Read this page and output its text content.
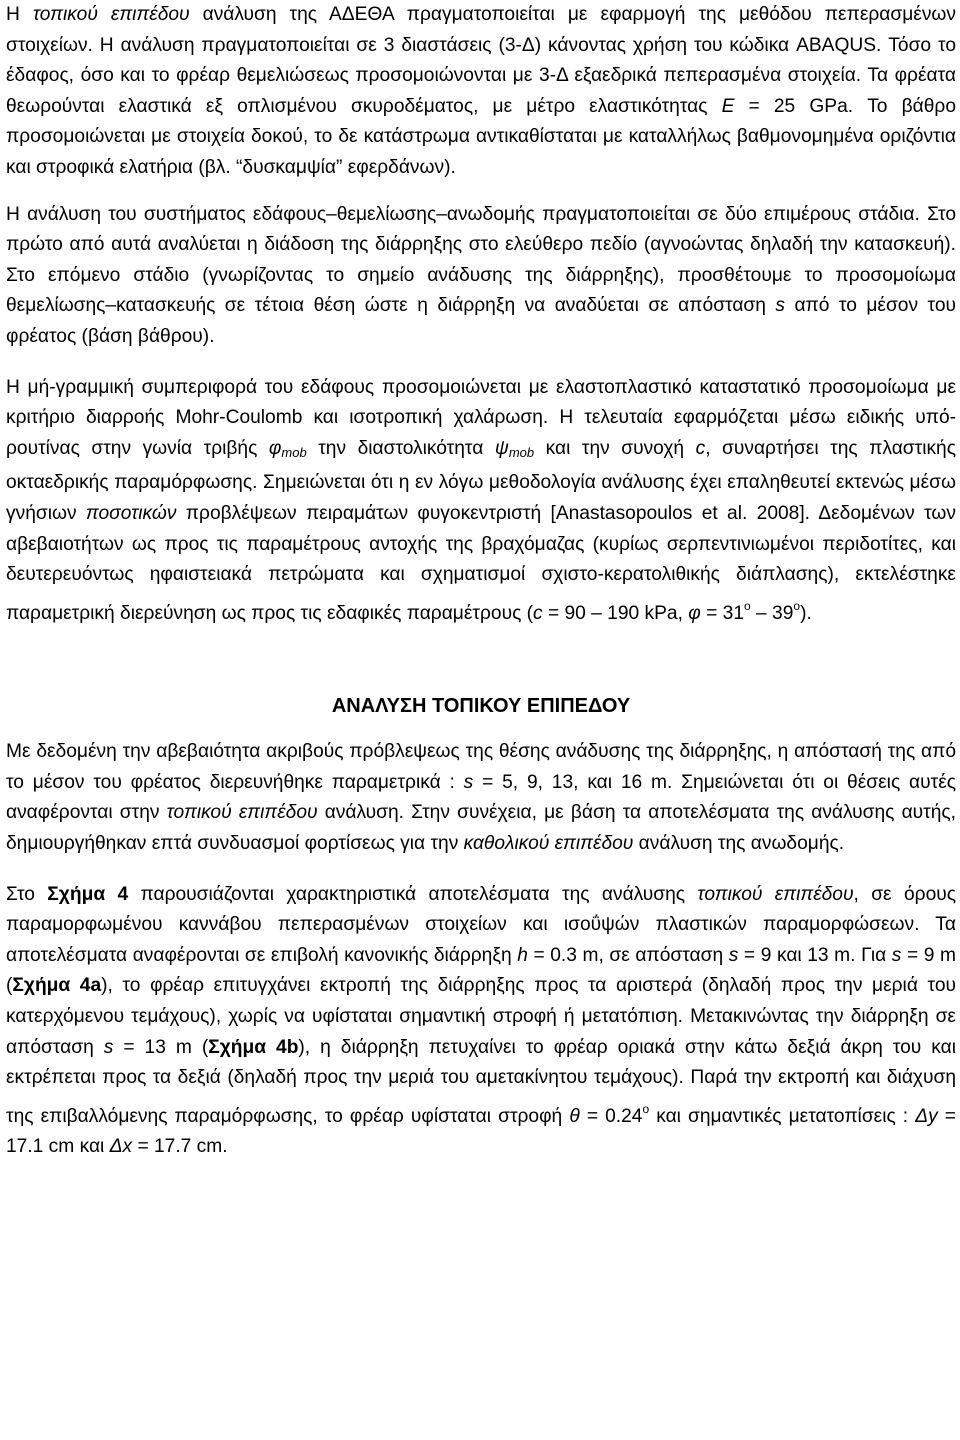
Η τοπικού επιπέδου ανάλυση της ΑΔΕΘΑ πραγματοποιείται με εφαρμογή της μεθόδου πεπερασμένων στοιχείων. Η ανάλυση πραγματοποιείται σε 3 διαστάσεις (3-Δ) κάνοντας χρήση του κώδικα ABAQUS. Τόσο το έδαφος, όσο και το φρέαρ θεμελιώσεως προσομοιώνονται με 3-Δ εξαεδρικά πεπερασμένα στοιχεία. Τα φρέατα θεωρούνται ελαστικά εξ οπλισμένου σκυροδέματος, με μέτρο ελαστικότητας E = 25 GPa. Το βάθρο προσομοιώνεται με στοιχεία δοκού, το δε κατάστρωμα αντικαθίσταται με καταλλήλως βαθμονομημένα οριζόντια και στροφικά ελατήρια (βλ. “δυσκαμψία” εφερδάνων).

Η ανάλυση του συστήματος εδάφους–θεμελίωσης–ανωδομής πραγματοποιείται σε δύο επιμέρους στάδια. Στο πρώτο από αυτά αναλύεται η διάδοση της διάρρηξης στο ελεύθερο πεδίο (αγνοώντας δηλαδή την κατασκευή). Στο επόμενο στάδιο (γνωρίζοντας το σημείο ανάδυσης της διάρρηξης), προσθέτουμε το προσομοίωμα θεμελίωσης–κατασκευής σε τέτοια θέση ώστε η διάρρηξη να αναδύεται σε απόσταση s από το μέσον του φρέατος (βάση βάθρου).

Η μή-γραμμική συμπεριφορά του εδάφους προσομοιώνεται με ελαστοπλαστικό καταστατικό προσομοίωμα με κριτήριο διαρροής Mohr-Coulomb και ισοτροπική χαλάρωση. Η τελευταία εφαρμόζεται μέσω ειδικής υπό-ρουτίνας στην γωνία τριβής $\varphi_{mob}$ την διαστολικότητα $\psi_{mob}$ και την συνοχή c, συναρτήσει της πλαστικής οκταεδρικής παραμόρφωσης. Σημειώνεται ότι η εν λόγω μεθοδολογία ανάλυσης έχει επαληθευτεί εκτενώς μέσω γνήσιων ποσοτικών προβλέψεων πειραμάτων φυγοκεντριστή [Anastasopoulos et al. 2008]. Δεδομένων των αβεβαιοτήτων ως προς τις παραμέτρους αντοχής της βραχόμαζας (κυρίως σερπεντινιωμένοι περιδοτίτες, και δευτερευόντως ηφαιστειακά πετρώματα και σχηματισμοί σχιστο-κερατολιθικής διάπλασης), εκτελέστηκε παραμετρική διερεύνηση ως προς τις εδαφικές παραμέτρους (c = 90 – 190 kPa, $\varphi = 31^o - 39^o$).

ΑΝΑΛΥΣΗ ΤΟΠΙΚΟΥ ΕΠΙΠΕΔΟΥ

Με δεδομένη την αβεβαιότητα ακριβούς πρόβλεψεως της θέσης ανάδυσης της διάρρηξης, η απόστασή της από το μέσον του φρέατος διερευνήθηκε παραμετρικά : s = 5, 9, 13, και 16 m. Σημειώνεται ότι οι θέσεις αυτές αναφέρονται στην τοπικού επιπέδου ανάλυση. Στην συνέχεια, με βάση τα αποτελέσματα της ανάλυσης αυτής, δημιουργήθηκαν επτά συνδυασμοί φορτίσεως για την καθολικού επιπέδου ανάλυση της ανωδομής.

Στο Σχήμα 4 παρουσιάζονται χαρακτηριστικά αποτελέσματα της ανάλυσης τοπικού επιπέδου, σε όρους παραμορφωμένου καννάβου πεπερασμένων στοιχείων και ισοΰψών πλαστικών παραμορφώσεων. Τα αποτελέσματα αναφέρονται σε επιβολή κανονικής διάρρηξη h = 0.3 m, σε απόσταση s = 9 και 13 m. Για s = 9 m (Σχήμα 4a), το φρέαρ επιτυγχάνει εκτροπή της διάρρηξης προς τα αριστερά (δηλαδή προς την μεριά του κατερχόμενου τεμάχους), χωρίς να υφίσταται σημαντική στροφή ή μετατόπιση. Μετακινώντας την διάρρηξη σε απόσταση s = 13 m (Σχήμα 4b), η διάρρηξη πετυχαίνει το φρέαρ οριακά στην κάτω δεξιά άκρη του και εκτρέπεται προς τα δεξιά (δηλαδή προς την μεριά του αμετακίνητου τεμάχους). Παρά την εκτροπή και διάχυση της επιβαλλόμενης παραμόρφωσης, το φρέαρ υφίσταται στροφή $\theta = 0.24^o$ και σημαντικές μετατοπίσεις : Δy = 17.1 cm και Δx = 17.7 cm.
